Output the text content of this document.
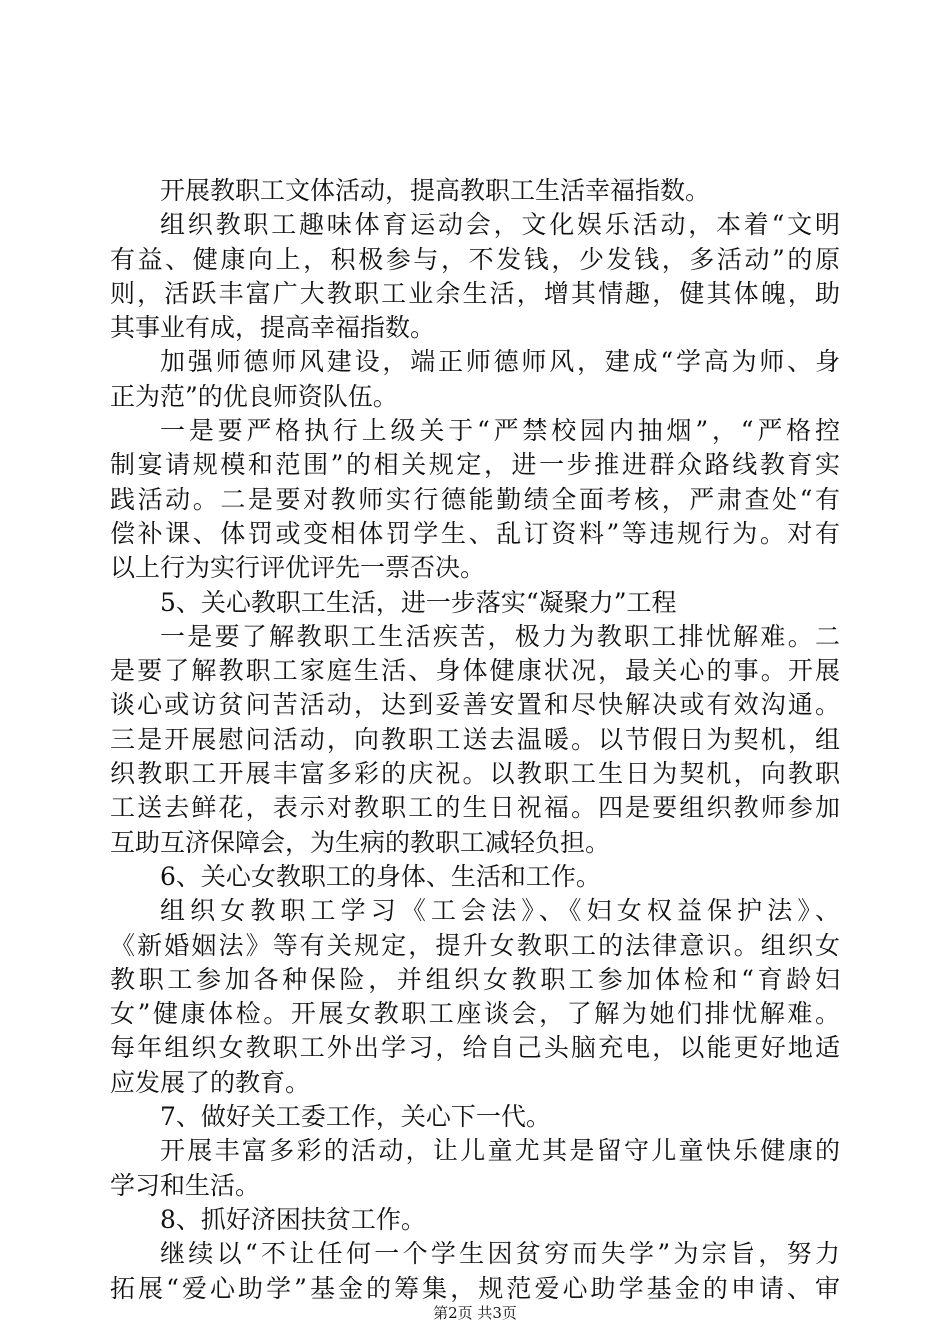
开展教职工文体活动，提高教职工生活幸福指数。
组织教职工趣味体育运动会，文化娱乐活动，本着“文明
有益、健康向上，积极参与，不发钱，少发钱，多活动”的原
则，活跃丰富广大教职工业余生活，增其情趣，健其体魄，助
其事业有成，提高幸福指数。
加强师德师风建设，端正师德师风，建成“学高为师、身
正为范”的优良师资队伍。
一是要严格执行上级关于“严禁校园内抽烟”，“严格控
制宴请规模和范围”的相关规定，进一步推进群众路线教育实
践活动。二是要对教师实行德能勤绩全面考核，严肃查处“有
偿补课、体罚或变相体罚学生、乱订资料”等违规行为。对有
以上行为实行评优评先一票否决。
5、关心教职工生活，进一步落实“凝聚力”工程
一是要了解教职工生活疾苦，极力为教职工排忧解难。二
是要了解教职工家庭生活、身体健康状况，最关心的事。开展
谈心或访贫问苦活动，达到妥善安置和尽快解决或有效沟通。
三是开展慰问活动，向教职工送去温暖。以节假日为契机，组
织教职工开展丰富多彩的庆祝。以教职工生日为契机，向教职
工送去鲜花，表示对教职工的生日祝福。四是要组织教师参加
互助互济保障会，为生病的教职工减轻负担。
6、关心女教职工的身体、生活和工作。
组织女教职工学习《工会法》、《妇女权益保护法》、
《新婚姻法》等有关规定，提升女教职工的法律意识。组织女
教职工参加各种保险，并组织女教职工参加体检和“育龄妇
女”健康体检。开展女教职工座谈会，了解为她们排忧解难。
每年组织女教职工外出学习，给自己头脑充电，以能更好地适
应发展了的教育。
7、做好关工委工作，关心下一代。
开展丰富多彩的活动，让儿童尤其是留守儿童快乐健康的
学习和生活。
8、抓好济困扶贫工作。
继续以“不让任何一个学生因贫穷而失学”为宗旨，努力
拓展“爱心助学”基金的筹集，规范爱心助学基金的申请、审
第2页 共3页
